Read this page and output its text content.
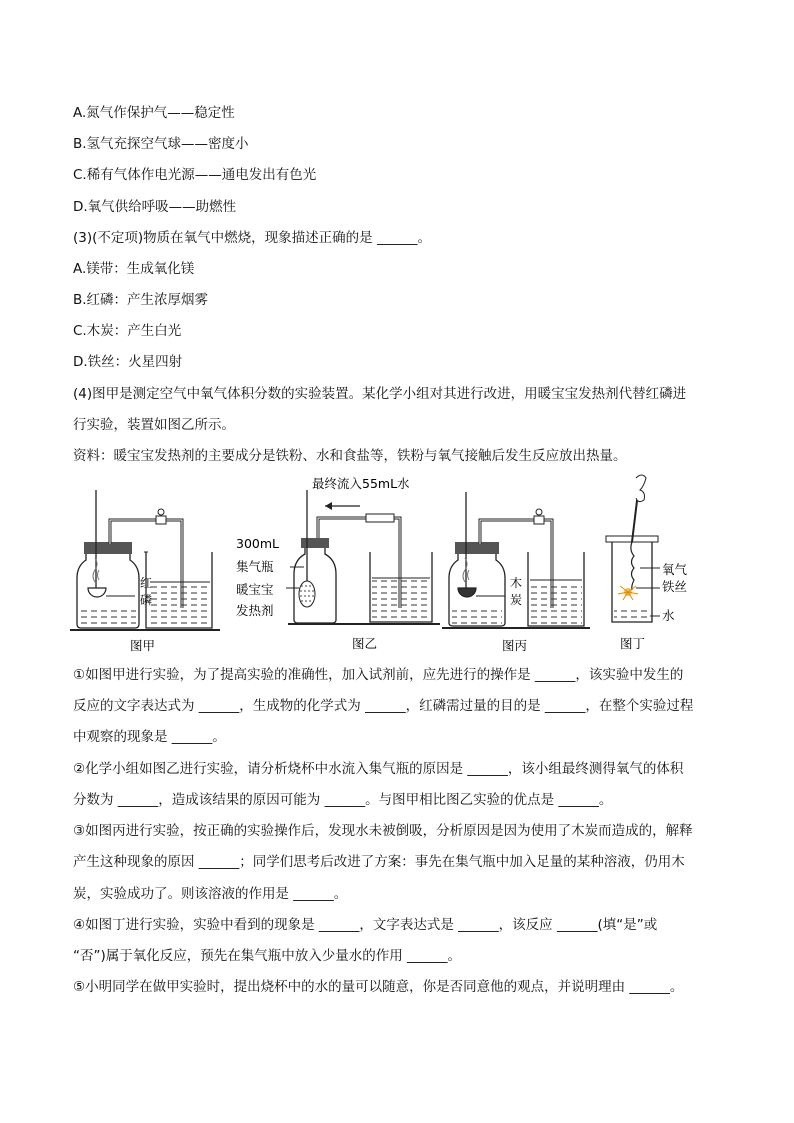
A.氮气作保护气——稳定性
B.氢气充探空气球——密度小
C.稀有气体作电光源——通电发出有色光
D.氧气供给呼吸——助燃性
(3)(不定项)物质在氧气中燃烧，现象描述正确的是 ______。
A.镁带：生成氧化镁
B.红磷：产生浓厚烟雾
C.木炭：产生白光
D.铁丝：火星四射
(4)图甲是测定空气中氧气体积分数的实验装置。某化学小组对其进行改进，用暖宝宝发热剂代替红磷进
行实验，装置如图乙所示。
资料：暖宝宝发热剂的主要成分是铁粉、水和食盐等，铁粉与氧气接触后发生反应放出热量。
①如图甲进行实验，为了提高实验的准确性，加入试剂前，应先进行的操作是 ______，该实验中发生的
反应的文字表达式为 ______，生成物的化学式为 ______，红磷需过量的目的是 ______，在整个实验过程
中观察的现象是 ______。
②化学小组如图乙进行实验，请分析烧杯中水流入集气瓶的原因是 ______，该小组最终测得氧气的体积
分数为 ______，造成该结果的原因可能为 ______。与图甲相比图乙实验的优点是 ______。
③如图丙进行实验，按正确的实验操作后，发现水未被倒吸，分析原因是因为使用了木炭而造成的，解释
产生这种现象的原因 ______；同学们思考后改进了方案：事先在集气瓶中加入足量的某种溶液，仍用木
炭，实验成功了。则该溶液的作用是 ______。
④如图丁进行实验，实验中看到的现象是 ______，文字表达式是 ______，该反应 ______(填“是”或
“否”)属于氧化反应，预先在集气瓶中放入少量水的作用 ______。
⑤小明同学在做甲实验时，提出烧杯中的水的量可以随意，你是否同意他的观点，并说明理由 ______。
红
磷
图甲
最终流入55mL水
300mL
集气瓶
暖宝宝
发热剂
图乙
木
炭
图丙
氧气
铁丝
水
图丁
